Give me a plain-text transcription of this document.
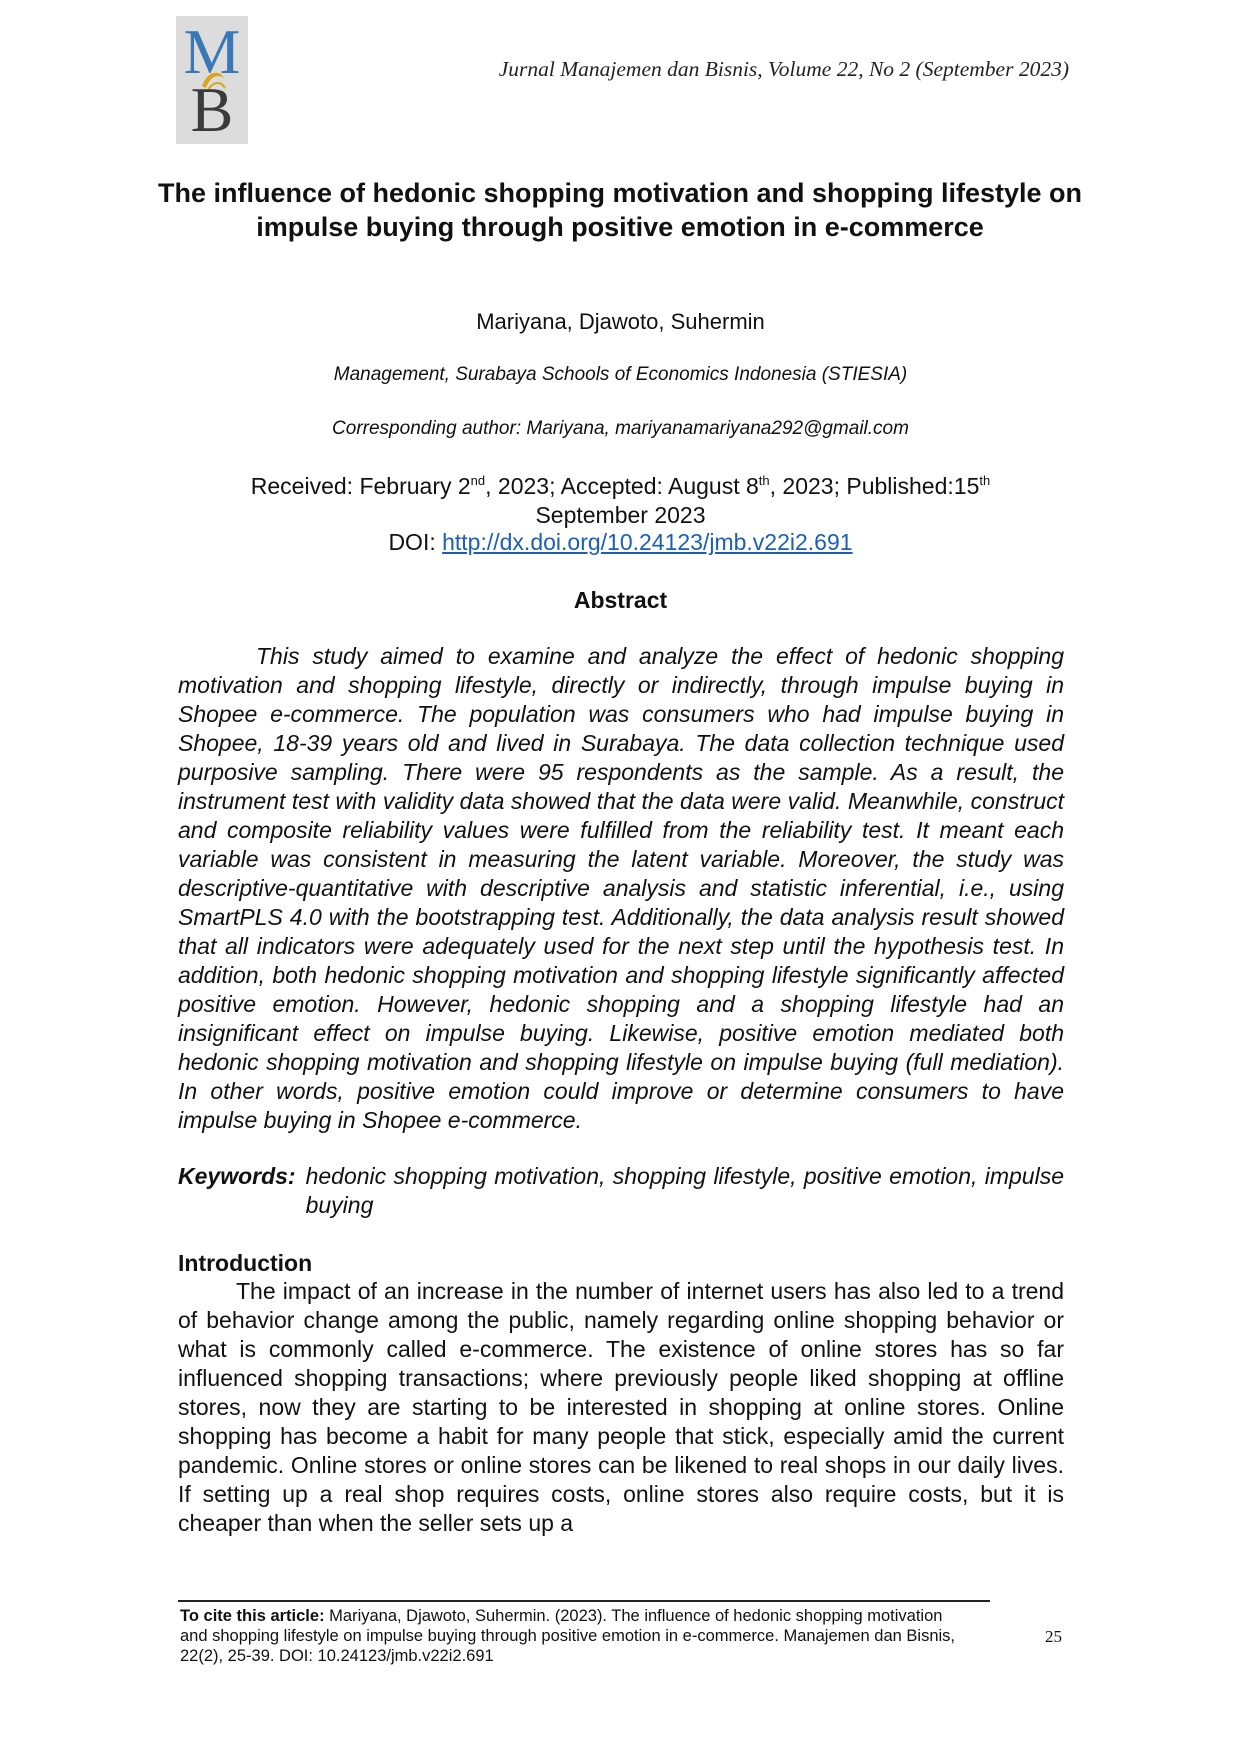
M
B
Jurnal Manajemen dan Bisnis, Volume 22, No 2 (September 2023)
The influence of hedonic shopping motivation and shopping lifestyle on impulse buying through positive emotion in e-commerce
Mariyana, Djawoto, Suhermin
Management, Surabaya Schools of Economics Indonesia (STIESIA)
Corresponding author: Mariyana, mariyanamariyana292@gmail.com
Received: February 2nd, 2023; Accepted: August 8th, 2023; Published:15th
September 2023
DOI: http://dx.doi.org/10.24123/jmb.v22i2.691
Abstract

This study aimed to examine and analyze the effect of hedonic shopping motivation and shopping lifestyle, directly or indirectly, through impulse buying in Shopee e-commerce. The population was consumers who had impulse buying in Shopee, 18-39 years old and lived in Surabaya. The data collection technique used purposive sampling. There were 95 respondents as the sample. As a result, the instrument test with validity data showed that the data were valid. Meanwhile, construct and composite reliability values were fulfilled from the reliability test. It meant each variable was consistent in measuring the latent variable. Moreover, the study was descriptive-quantitative with descriptive analysis and statistic inferential, i.e., using SmartPLS 4.0 with the bootstrapping test. Additionally, the data analysis result showed that all indicators were adequately used for the next step until the hypothesis test. In addition, both hedonic shopping motivation and shopping lifestyle significantly affected positive emotion. However, hedonic shopping and a shopping lifestyle had an insignificant effect on impulse buying. Likewise, positive emotion mediated both hedonic shopping motivation and shopping lifestyle on impulse buying (full mediation). In other words, positive emotion could improve or determine consumers to have impulse buying in Shopee e-commerce.

Keywords: hedonic shopping motivation, shopping lifestyle, positive emotion, impulse buying
Introduction

The impact of an increase in the number of internet users has also led to a trend of behavior change among the public, namely regarding online shopping behavior or what is commonly called e-commerce. The existence of online stores has so far influenced shopping transactions; where previously people liked shopping at offline stores, now they are starting to be interested in shopping at online stores. Online shopping has become a habit for many people that stick, especially amid the current pandemic. Online stores or online stores can be likened to real shops in our daily lives. If setting up a real shop requires costs, online stores also require costs, but it is cheaper than when the seller sets up a

To cite this article: Mariyana, Djawoto, Suhermin. (2023). The influence of hedonic shopping motivation and shopping lifestyle on impulse buying through positive emotion in e-commerce. Manajemen dan Bisnis, 22(2), 25-39. DOI: 10.24123/jmb.v22i2.691
25
